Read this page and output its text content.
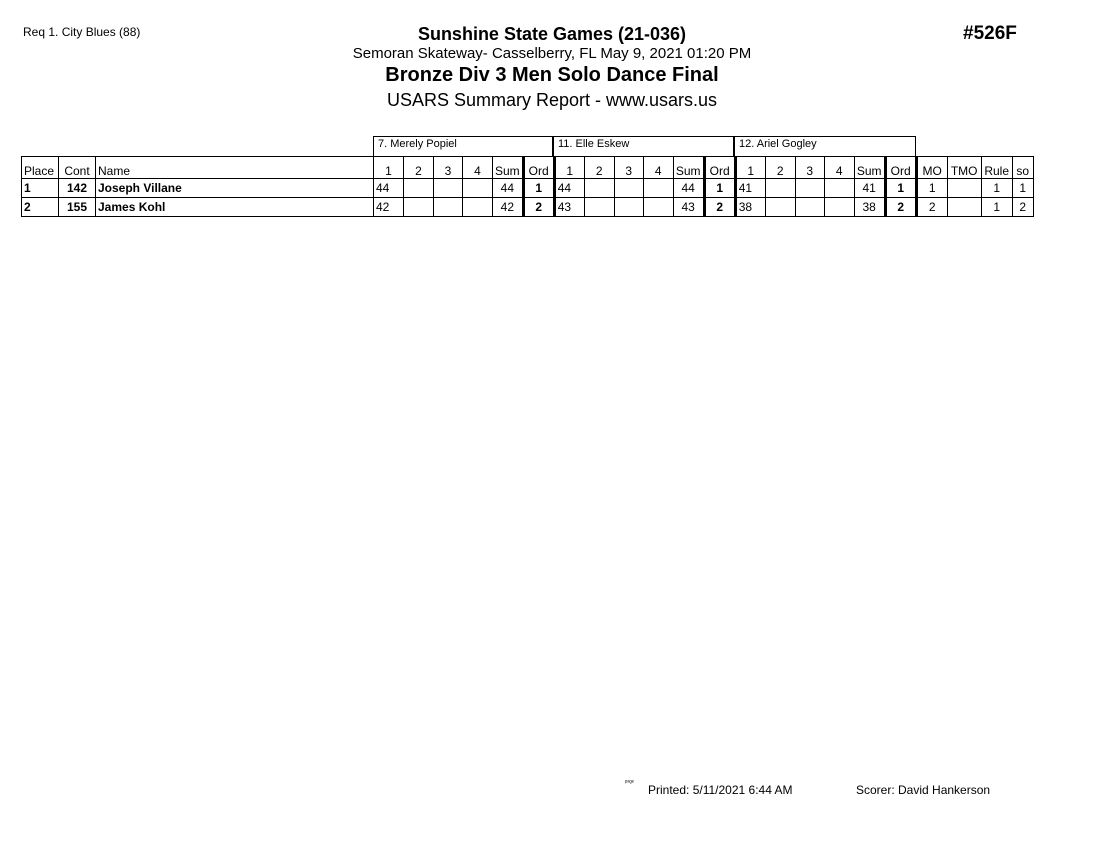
Req 1. City Blues (88)	#526F
Sunshine State Games (21-036)
Semoran Skateway- Casselberry, FL May 9, 2021 01:20 PM
Bronze Div 3 Men Solo Dance Final
USARS Summary Report - www.usars.us
7. Merely Popiel	11. Elle Eskew	12. Ariel Gogley
Place	Cont	Name	1	2	3	4	Sum	Ord	1	2	3	4	Sum	Ord	1	2	3	4	Sum	Ord	MO	TMO	Rule	so
1	142	Joseph Villane	44				44	1	44				44	1	41				41	1	1		1	1
2	155	James Kohl	42				42	2	43				43	2	38				38	2	2		1	2
ᵖᵃᵍᵉ Printed: 5/11/2021 6:44 AM	Scorer: David Hankerson
